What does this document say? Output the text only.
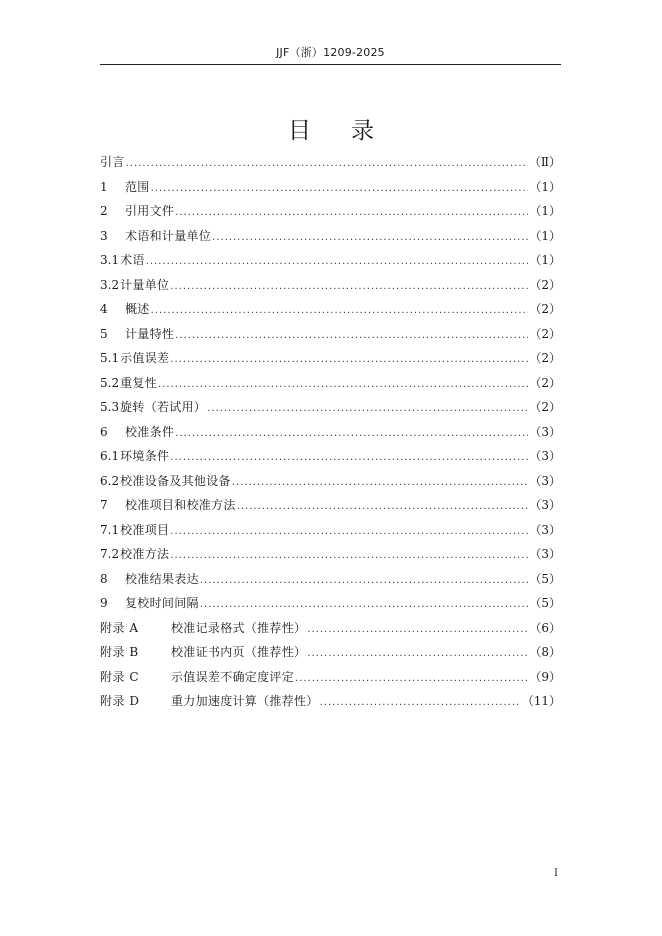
JJF（浙）1209-2025
目录
引言 .....	（Ⅱ）
1	范围 .....	（1）
2	引用文件 .....	（1）
3	术语和计量单位 .....	（1）
3.1 术语 .....	（1）
3.2 计量单位 .....	（2）
4	概述 .....	（2）
5	计量特性 .....	（2）
5.1 示值误差 .....	（2）
5.2 重复性 .....	（2）
5.3 旋转（若试用） .....	（2）
6	校准条件 .....	（3）
6.1 环境条件 .....	（3）
6.2 校准设备及其他设备 .....	（3）
7	校准项目和校准方法 .....	（3）
7.1 校准项目 .....	（3）
7.2 校准方法 .....	（3）
8	校准结果表达 .....	（5）
9	复校时间间隔 .....	（5）
附录 A	校准记录格式（推荐性） .....	（6）
附录 B	校准证书内页（推荐性） .....	（8）
附录 C	示值误差不确定度评定 .....	（9）
附录 D	重力加速度计算（推荐性） .....	（11）
I
